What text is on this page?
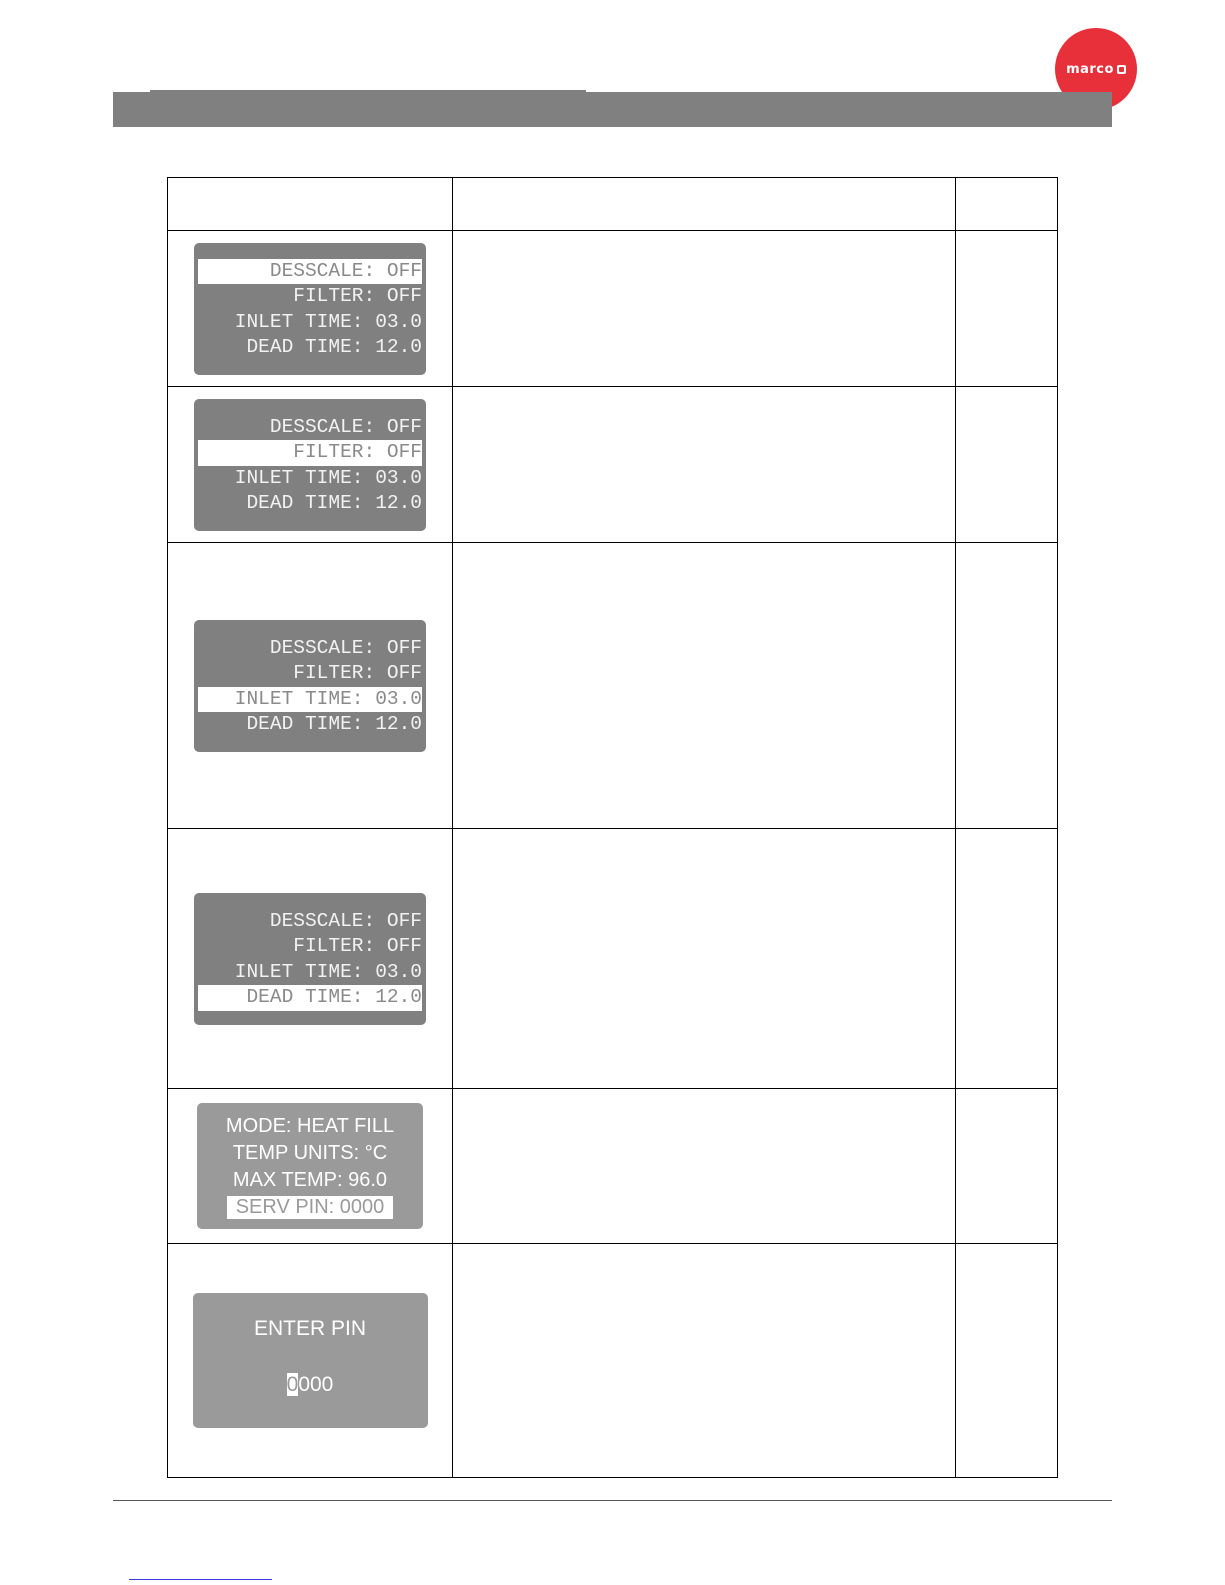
marco

DESSCALE: OFF
FILTER: OFF
INLET TIME: 03.0
DEAD TIME: 12.0		

DESSCALE: OFF
FILTER: OFF
INLET TIME: 03.0
DEAD TIME: 12.0		

DESSCALE: OFF
FILTER: OFF
INLET TIME: 03.0
DEAD TIME: 12.0		

DESSCALE: OFF
FILTER: OFF
INLET TIME: 03.0
DEAD TIME: 12.0		

MODE: HEAT FILL
TEMP UNITS: °C
MAX TEMP: 96.0
SERV PIN: 0000		

ENTER PIN
0000		
